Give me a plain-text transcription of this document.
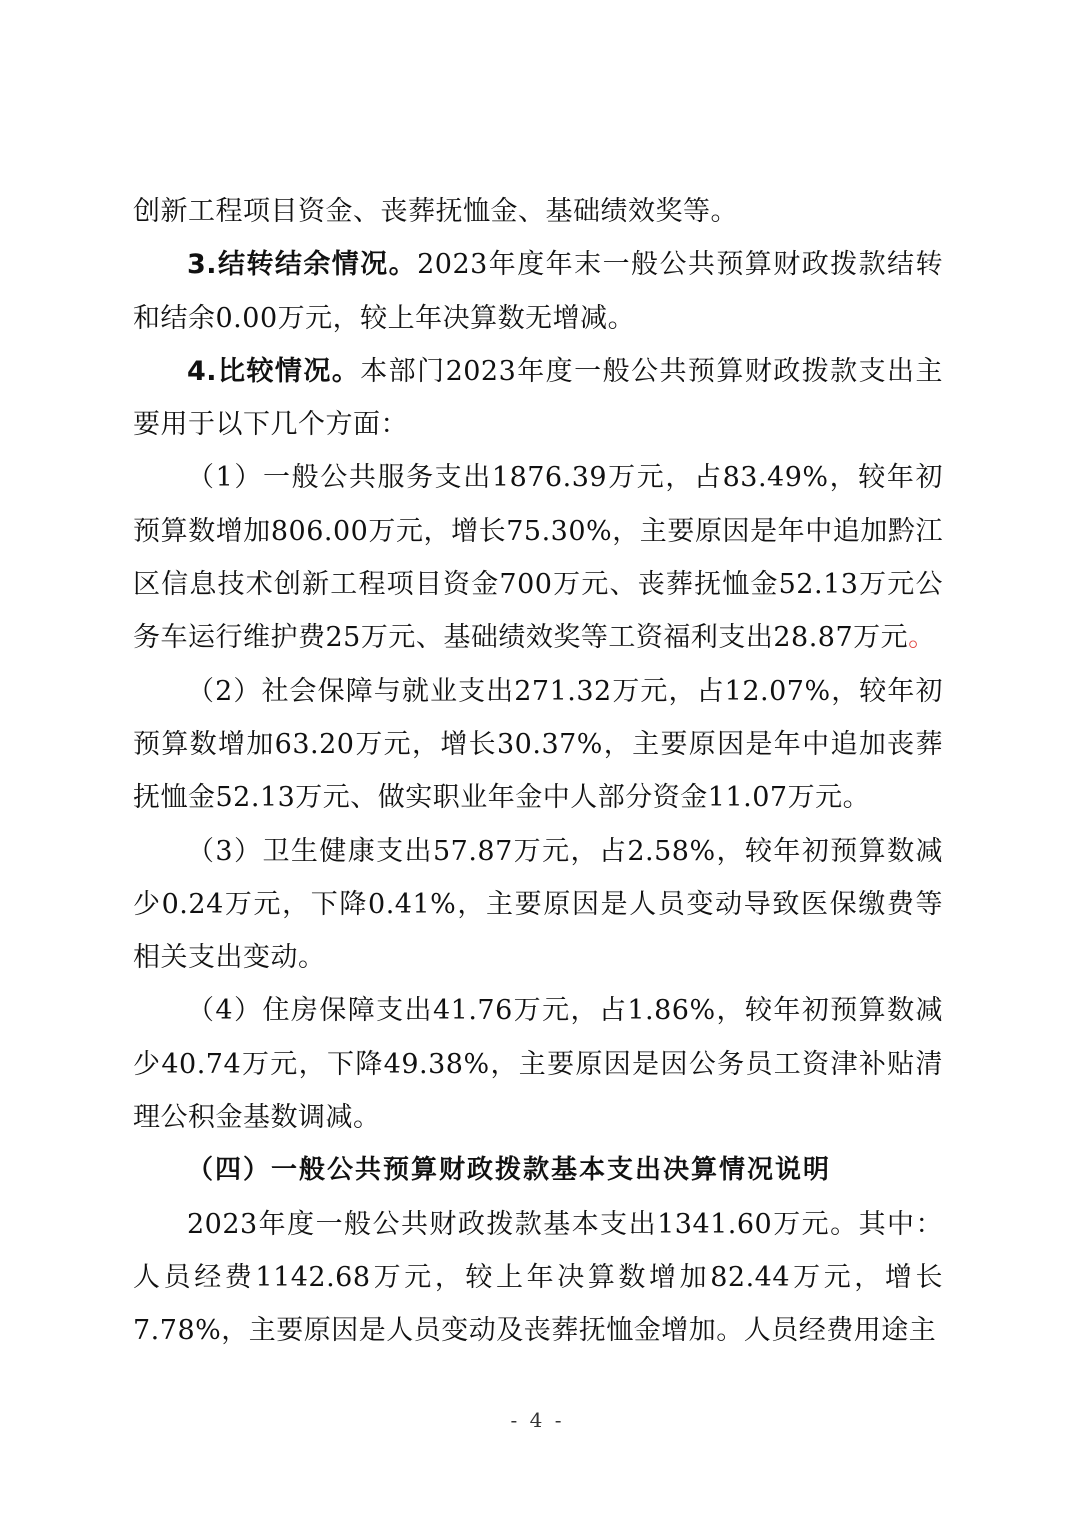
创新工程项目资金、丧葬抚恤金、基础绩效奖等。

3.结转结余情况。2023年度年末一般公共预算财政拨款结转和结余0.00万元，较上年决算数无增减。

4.比较情况。本部门2023年度一般公共预算财政拨款支出主要用于以下几个方面：

（1）一般公共服务支出1876.39万元，占83.49%，较年初预算数增加806.00万元，增长75.30%，主要原因是年中追加黔江区信息技术创新工程项目资金700万元、丧葬抚恤金52.13万元公务车运行维护费25万元、基础绩效奖等工资福利支出28.87万元。

（2）社会保障与就业支出271.32万元，占12.07%，较年初预算数增加63.20万元，增长30.37%，主要原因是年中追加丧葬抚恤金52.13万元、做实职业年金中人部分资金11.07万元。

（3）卫生健康支出57.87万元，占2.58%，较年初预算数减少0.24万元，下降0.41%，主要原因是人员变动导致医保缴费等相关支出变动。

（4）住房保障支出41.76万元，占1.86%，较年初预算数减少40.74万元，下降49.38%，主要原因是因公务员工资津补贴清理公积金基数调减。

（四）一般公共预算财政拨款基本支出决算情况说明

2023年度一般公共财政拨款基本支出1341.60万元。其中：人员经费1142.68万元，较上年决算数增加82.44万元，增长7.78%，主要原因是人员变动及丧葬抚恤金增加。人员经费用途主

- 4 -
